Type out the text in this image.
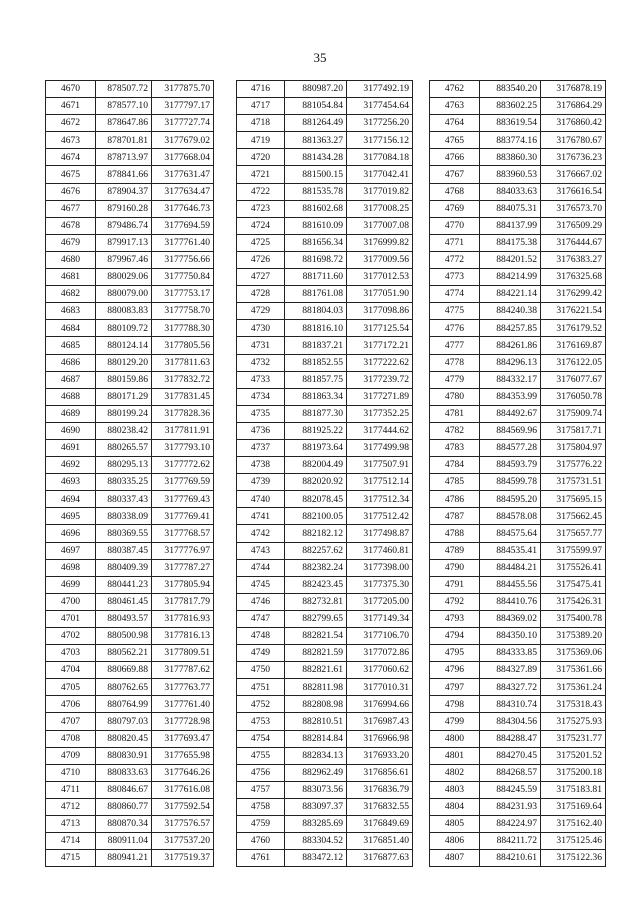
35
4670	878507.72	3177875.70
4671	878577.10	3177797.17
4672	878647.86	3177727.74
4673	878701.81	3177679.02
4674	878713.97	3177668.04
4675	878841.66	3177631.47
4676	878904.37	3177634.47
4677	879160.28	3177646.73
4678	879486.74	3177694.59
4679	879917.13	3177761.40
4680	879967.46	3177756.66
4681	880029.06	3177750.84
4682	880079.00	3177753.17
4683	880083.83	3177758.70
4684	880109.72	3177788.30
4685	880124.14	3177805.56
4686	880129.20	3177811.63
4687	880159.86	3177832.72
4688	880171.29	3177831.45
4689	880199.24	3177828.36
4690	880238.42	3177811.91
4691	880265.57	3177793.10
4692	880295.13	3177772.62
4693	880335.25	3177769.59
4694	880337.43	3177769.43
4695	880338.09	3177769.41
4696	880369.55	3177768.57
4697	880387.45	3177776.97
4698	880409.39	3177787.27
4699	880441.23	3177805.94
4700	880461.45	3177817.79
4701	880493.57	3177816.93
4702	880500.98	3177816.13
4703	880562.21	3177809.51
4704	880669.88	3177787.62
4705	880762.65	3177763.77
4706	880764.99	3177761.40
4707	880797.03	3177728.98
4708	880820.45	3177693.47
4709	880830.91	3177655.98
4710	880833.63	3177646.26
4711	880846.67	3177616.08
4712	880860.77	3177592.54
4713	880870.34	3177576.57
4714	880911.04	3177537.20
4715	880941.21	3177519.37
4716	880987.20	3177492.19
4717	881054.84	3177454.64
4718	881264.49	3177256.20
4719	881363.27	3177156.12
4720	881434.28	3177084.18
4721	881500.15	3177042.41
4722	881535.78	3177019.82
4723	881602.68	3177008.25
4724	881610.09	3177007.08
4725	881656.34	3176999.82
4726	881698.72	3177009.56
4727	881711.60	3177012.53
4728	881761.08	3177051.90
4729	881804.03	3177098.86
4730	881816.10	3177125.54
4731	881837.21	3177172.21
4732	881852.55	3177222.62
4733	881857.75	3177239.72
4734	881863.34	3177271.89
4735	881877.30	3177352.25
4736	881925.22	3177444.62
4737	881973.64	3177499.98
4738	882004.49	3177507.91
4739	882020.92	3177512.14
4740	882078.45	3177512.34
4741	882100.05	3177512.42
4742	882182.12	3177498.87
4743	882257.62	3177460.81
4744	882382.24	3177398.00
4745	882423.45	3177375.30
4746	882732.81	3177205.00
4747	882799.65	3177149.34
4748	882821.54	3177106.70
4749	882821.59	3177072.86
4750	882821.61	3177060.62
4751	882811.98	3177010.31
4752	882808.98	3176994.66
4753	882810.51	3176987.43
4754	882814.84	3176966.98
4755	882834.13	3176933.20
4756	882962.49	3176856.61
4757	883073.56	3176836.79
4758	883097.37	3176832.55
4759	883285.69	3176849.69
4760	883304.52	3176851.40
4761	883472.12	3176877.63
4762	883540.20	3176878.19
4763	883602.25	3176864.29
4764	883619.54	3176860.42
4765	883774.16	3176780.67
4766	883860.30	3176736.23
4767	883960.53	3176667.02
4768	884033.63	3176616.54
4769	884075.31	3176573.70
4770	884137.99	3176509.29
4771	884175.38	3176444.67
4772	884201.52	3176383.27
4773	884214.99	3176325.68
4774	884221.14	3176299.42
4775	884240.38	3176221.54
4776	884257.85	3176179.52
4777	884261.86	3176169.87
4778	884296.13	3176122.05
4779	884332.17	3176077.67
4780	884353.99	3176050.78
4781	884492.67	3175909.74
4782	884569.96	3175817.71
4783	884577.28	3175804.97
4784	884593.79	3175776.22
4785	884599.78	3175731.51
4786	884595.20	3175695.15
4787	884578.08	3175662.45
4788	884575.64	3175657.77
4789	884535.41	3175599.97
4790	884484.21	3175526.41
4791	884455.56	3175475.41
4792	884410.76	3175426.31
4793	884369.02	3175400.78
4794	884350.10	3175389.20
4795	884333.85	3175369.06
4796	884327.89	3175361.66
4797	884327.72	3175361.24
4798	884310.74	3175318.43
4799	884304.56	3175275.93
4800	884288.47	3175231.77
4801	884270.45	3175201.52
4802	884268.57	3175200.18
4803	884245.59	3175183.81
4804	884231.93	3175169.64
4805	884224.97	3175162.40
4806	884211.72	3175125.46
4807	884210.61	3175122.36
